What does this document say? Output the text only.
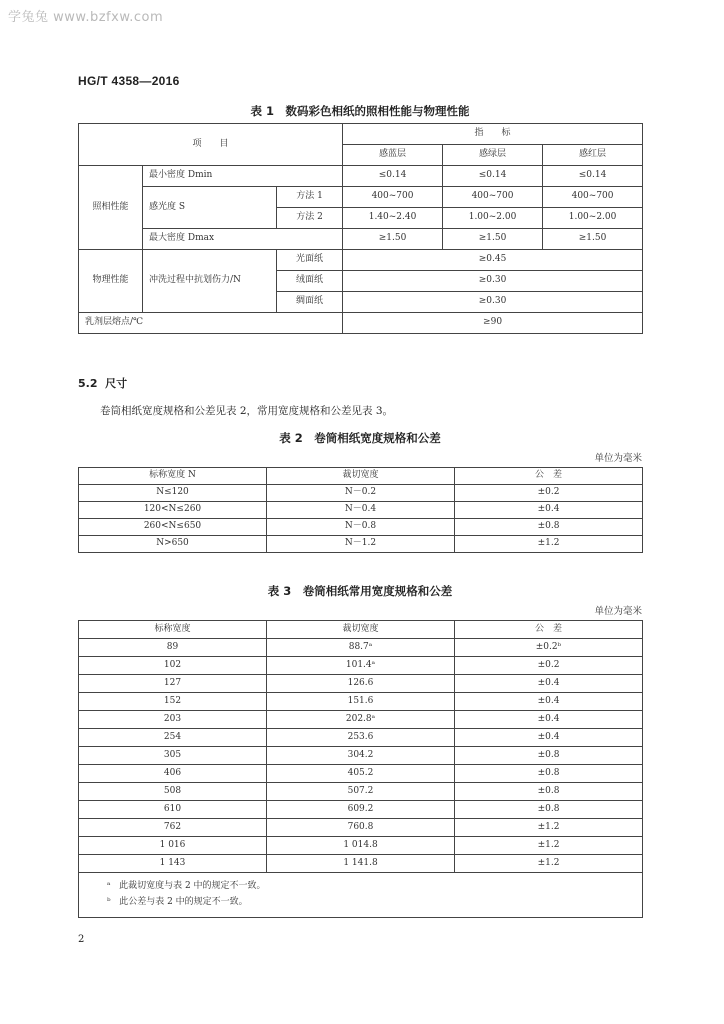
学兔兔 www.bzfxw.com
HG/T 4358—2016
表 1　数码彩色相纸的照相性能与物理性能
项　　目			指　　标		
			感蓝层	感绿层	感红层
照相性能	最小密度 Dmin		≤0.14	≤0.14	≤0.14
	感光度 S	方法 1	400~700	400~700	400~700
		方法 2	1.40~2.40	1.00~2.00	1.00~2.00
	最大密度 Dmax		≥1.50	≥1.50	≥1.50
物理性能	冲洗过程中抗划伤力/N	光面纸	≥0.45		
		绒面纸	≥0.30		
		绸面纸	≥0.30		
乳剂层熔点/℃			≥90		
5.2 尺寸
卷筒相纸宽度规格和公差见表 2，常用宽度规格和公差见表 3。
表 2　卷筒相纸宽度规格和公差
单位为毫米
标称宽度 N	裁切宽度	公　差
N≤120	N－0.2	±0.2
120<N≤260	N－0.4	±0.4
260<N≤650	N－0.8	±0.8
N>650	N－1.2	±1.2
表 3　卷筒相纸常用宽度规格和公差
单位为毫米
标称宽度	裁切宽度	公　差
89	88.7ᵃ	±0.2ᵇ
102	101.4ᵃ	±0.2
127	126.6	±0.4
152	151.6	±0.4
203	202.8ᵃ	±0.4
254	253.6	±0.4
305	304.2	±0.8
406	405.2	±0.8
508	507.2	±0.8
610	609.2	±0.8
762	760.8	±1.2
1 016	1 014.8	±1.2
1 143	1 141.8	±1.2

ᵃ 此裁切宽度与表 2 中的规定不一致。
ᵇ 此公差与表 2 中的规定不一致。		
2
